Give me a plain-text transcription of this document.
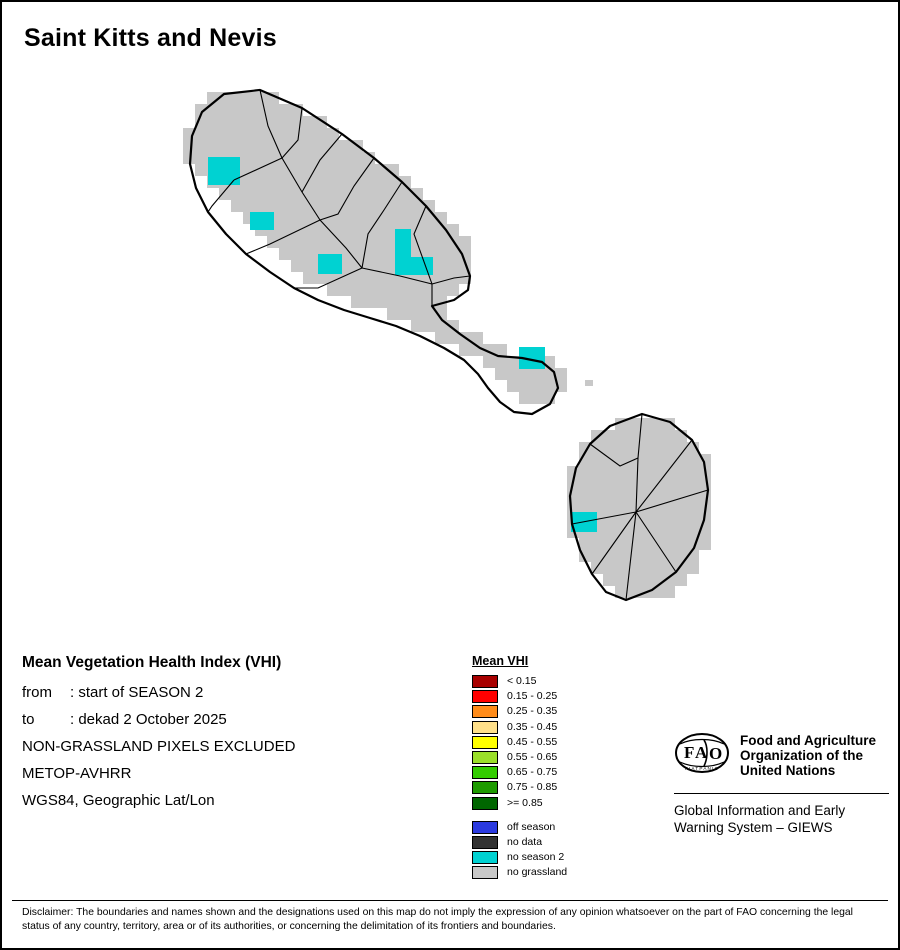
Saint Kitts and Nevis
Mean Vegetation Health Index (VHI)
from : start of SEASON 2
to : dekad 2 October 2025
NON-GRASSLAND PIXELS EXCLUDED
METOP-AVHRR
WGS84, Geographic Lat/Lon
Mean VHI
< 0.15
0.15 - 0.25
0.25 - 0.35
0.35 - 0.45
0.45 - 0.55
0.55 - 0.65
0.65 - 0.75
0.75 - 0.85
>= 0.85
off season
no data
no season 2
no grassland
F A O
F I A T P A N I S
Food and Agriculture
Organization of the
United Nations
Global Information and Early
Warning System – GIEWS
Disclaimer: The boundaries and names shown and the designations used on this map do not imply the expression of any opinion whatsoever on the part of FAO concerning the legal status of any country, territory, area or of its authorities, or concerning the delimitation of its frontiers and boundaries.
